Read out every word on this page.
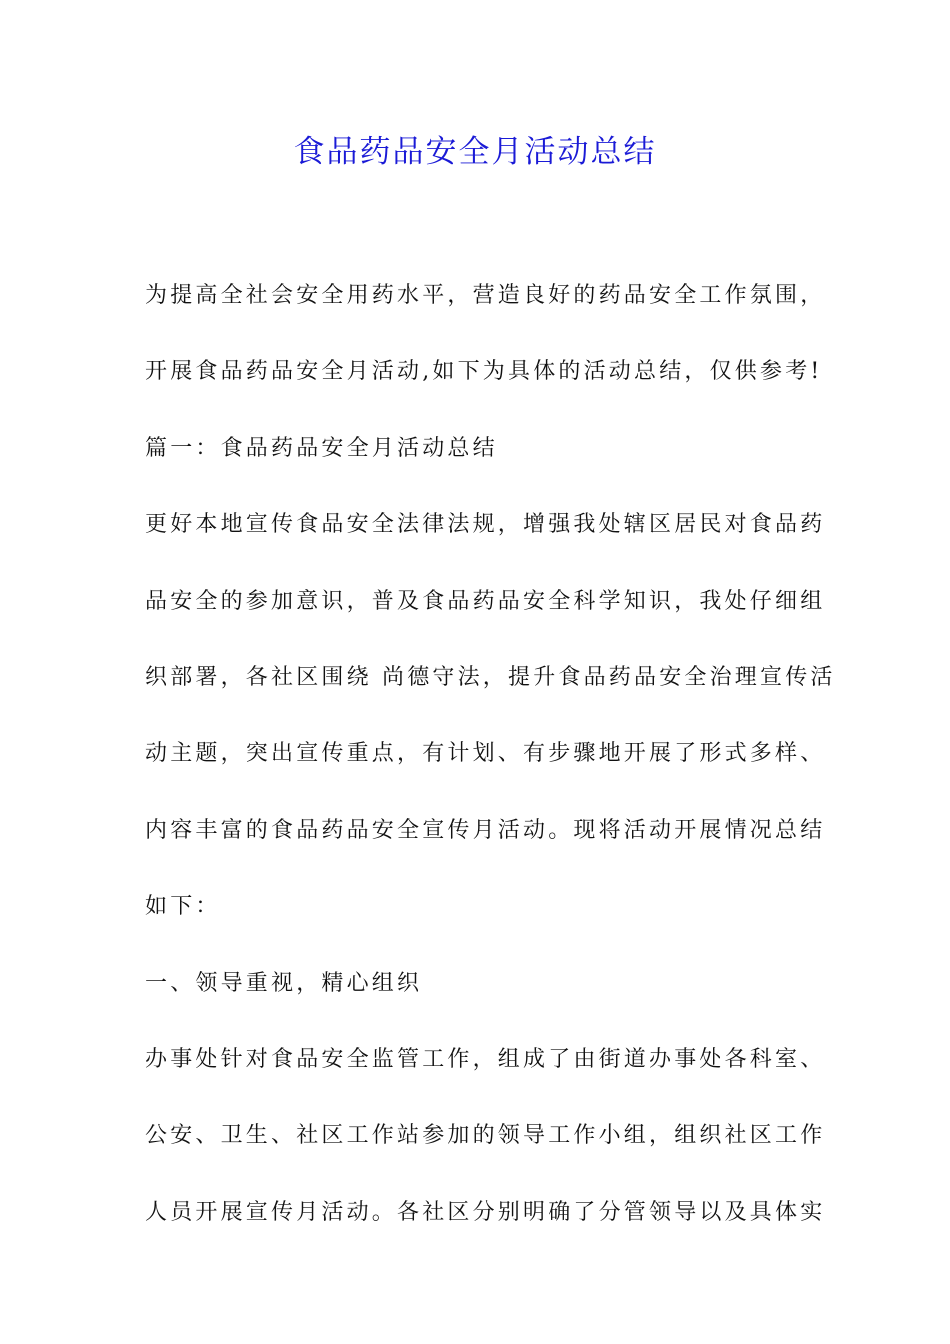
食品药品安全月活动总结

为提高全社会安全用药水平，营造良好的药品安全工作氛围，

开展食品药品安全月活动,如下为具体的活动总结，仅供参考!

篇一：食品药品安全月活动总结

更好本地宣传食品安全法律法规，增强我处辖区居民对食品药

品安全的参加意识，普及食品药品安全科学知识，我处仔细组

织部署，各社区围绕 尚德守法，提升食品药品安全治理宣传活

动主题，突出宣传重点，有计划、有步骤地开展了形式多样、

内容丰富的食品药品安全宣传月活动。现将活动开展情况总结

如下：

一、领导重视，精心组织

办事处针对食品安全监管工作，组成了由街道办事处各科室、

公安、卫生、社区工作站参加的领导工作小组，组织社区工作

人员开展宣传月活动。各社区分别明确了分管领导以及具体实
